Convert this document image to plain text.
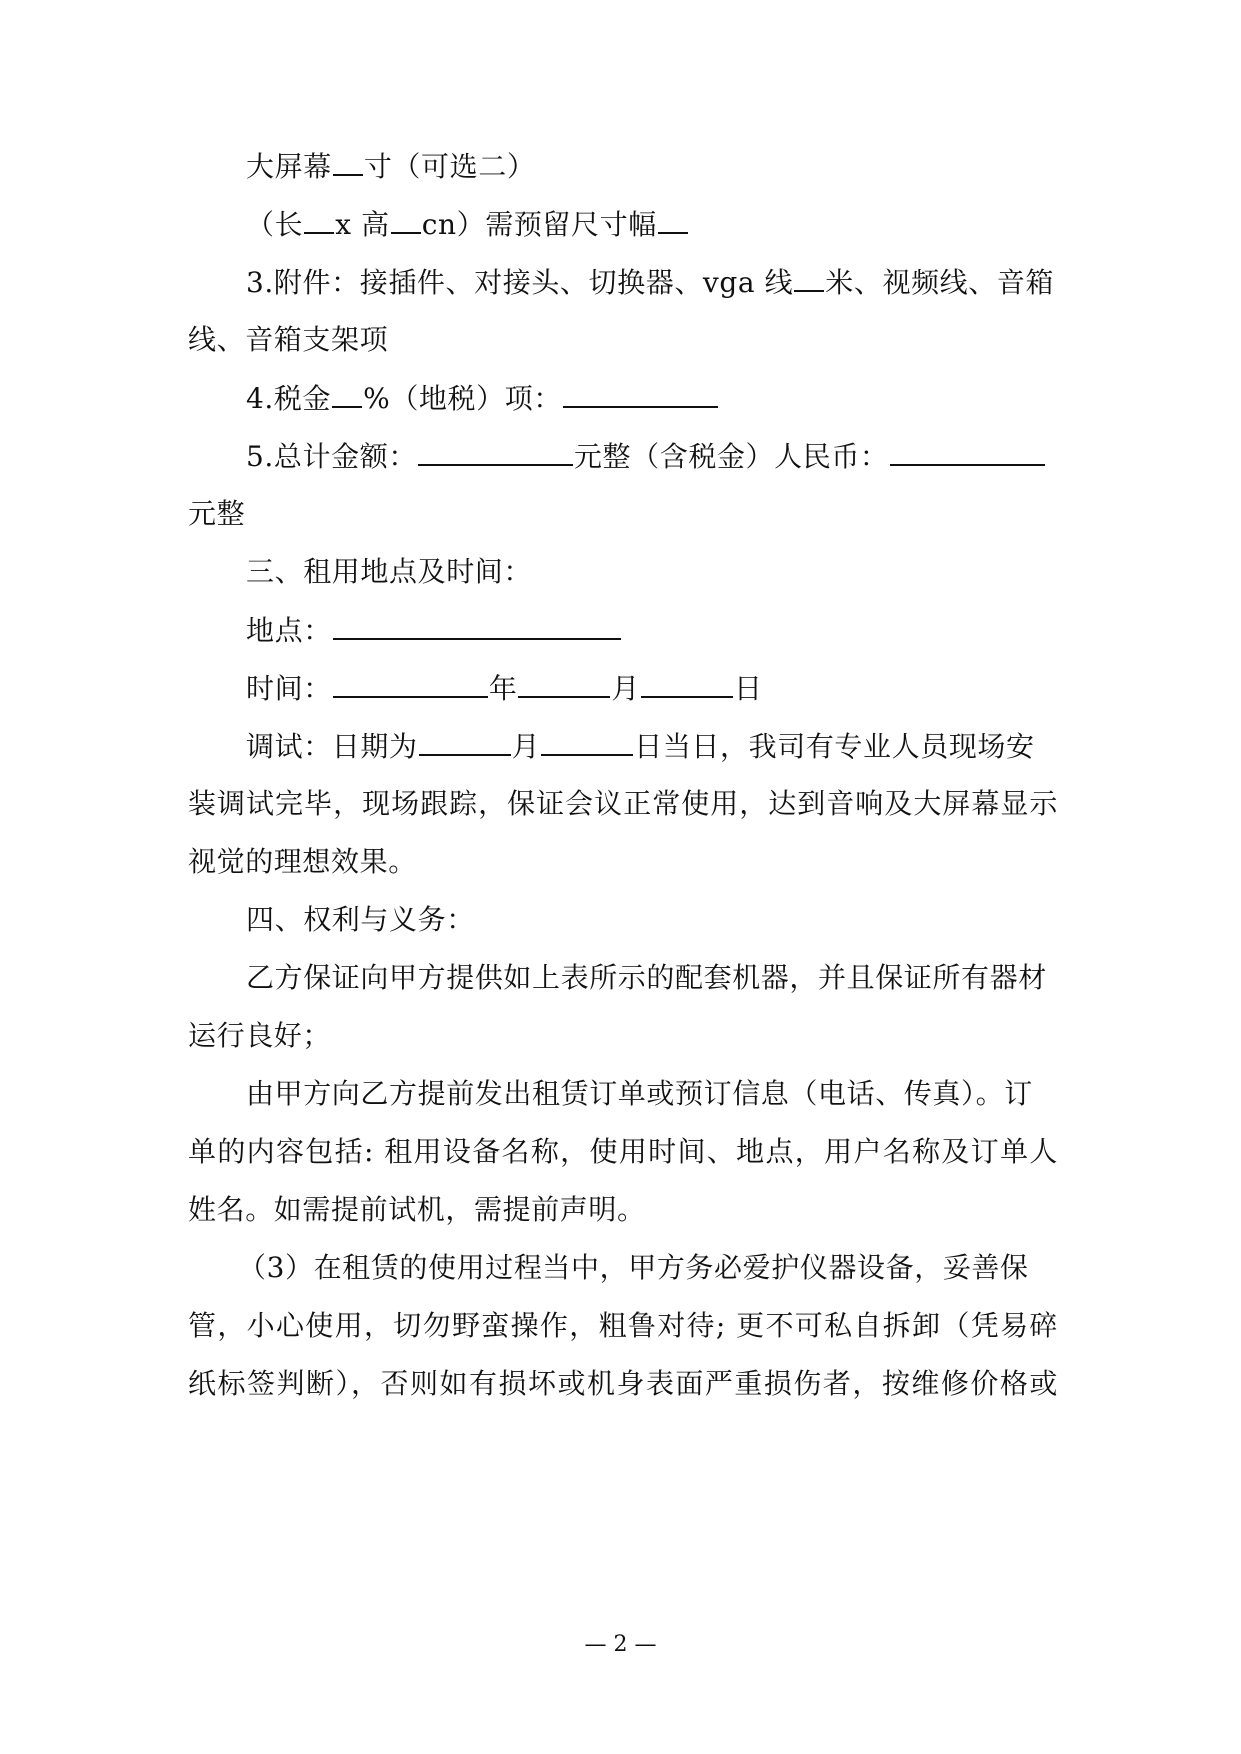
大屏幕 寸（可选二）
（长 x 高 cn）需预留尺寸幅
3.附件：接插件、对接头、切换器、vga 线 米、视频线、音箱
线、音箱支架项
4.税金 %（地税）项：
5.总计金额：	元整（含税金）人民币：
元整
三、租用地点及时间：
地点：
时间：	年	月	日
调试：日期为	月	日当日，我司有专业人员现场安
装调试完毕，现场跟踪，保证会议正常使用，达到音响及大屏幕显示
视觉的理想效果。
四、权利与义务：
乙方保证向甲方提供如上表所示的配套机器，并且保证所有器材
运行良好；
由甲方向乙方提前发出租赁订单或预订信息（电话、传真）。订
单的内容包括: 租用设备名称，使用时间、地点，用户名称及订单人
姓名。如需提前试机，需提前声明。
（3）在租赁的使用过程当中，甲方务必爱护仪器设备，妥善保
管，小心使用，切勿野蛮操作，粗鲁对待; 更不可私自拆卸（凭易碎
纸标签判断），否则如有损坏或机身表面严重损伤者，按维修价格或
— 2 —
